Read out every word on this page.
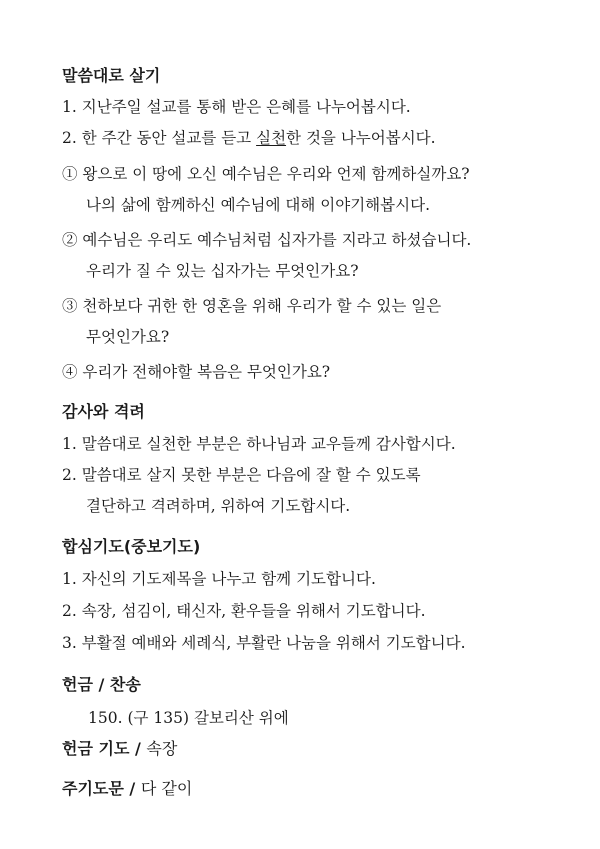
말씀대로 살기

1. 지난주일 설교를 통해 받은 은혜를 나누어봅시다.

2. 한 주간 동안 설교를 듣고 실천한 것을 나누어봅시다.

① 왕으로 이 땅에 오신 예수님은 우리와 언제 함께하실까요?

나의 삶에 함께하신 예수님에 대해 이야기해봅시다.

② 예수님은 우리도 예수님처럼 십자가를 지라고 하셨습니다.

우리가 질 수 있는 십자가는 무엇인가요?

③ 천하보다 귀한 한 영혼을 위해 우리가 할 수 있는 일은

무엇인가요?

④ 우리가 전해야할 복음은 무엇인가요?

감사와 격려

1. 말씀대로 실천한 부분은 하나님과 교우들께 감사합시다.

2. 말씀대로 살지 못한 부분은 다음에 잘 할 수 있도록

결단하고 격려하며, 위하여 기도합시다.

합심기도(중보기도)

1. 자신의 기도제목을 나누고 함께 기도합니다.

2. 속장, 섬김이, 태신자, 환우들을 위해서 기도합니다.

3. 부활절 예배와 세례식, 부활란 나눔을 위해서 기도합니다.

헌금 / 찬송

150. (구 135) 갈보리산 위에

헌금 기도 / 속장

주기도문 / 다 같이
